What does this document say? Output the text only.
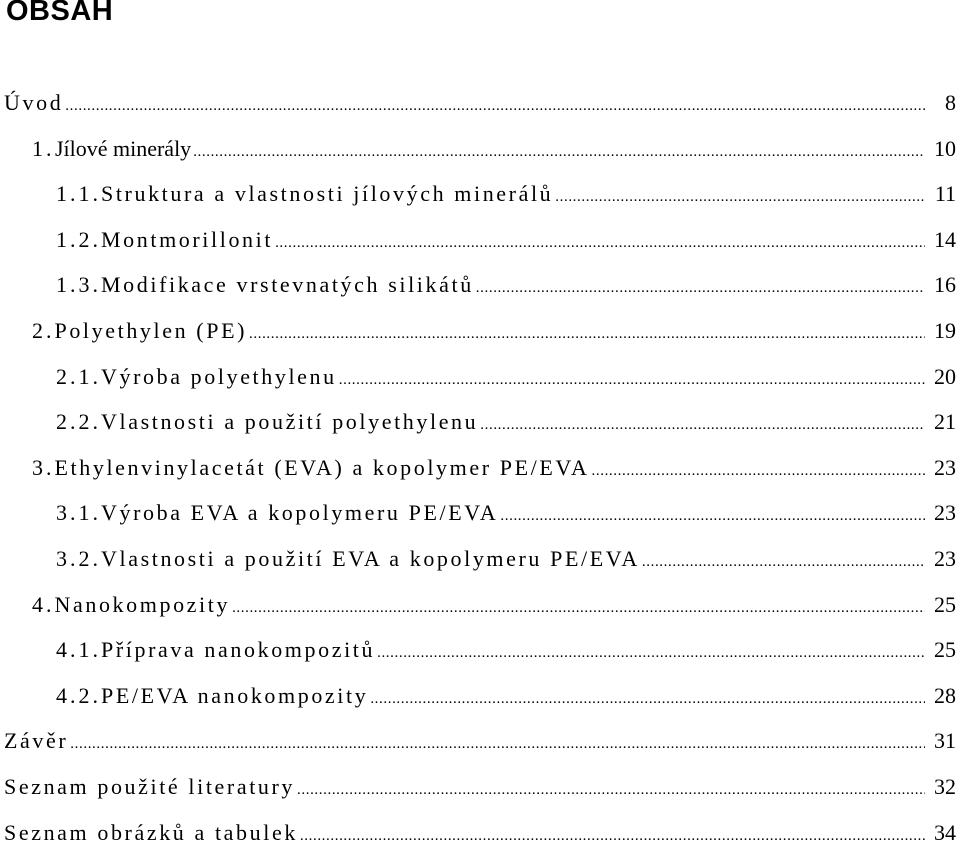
OBSAH
Úvod .....	8
1. Jílové minerály .....	10
1.1. Struktura a vlastnosti jílových minerálů .....	11
1.2. Montmorillonit .....	14
1.3. Modifikace vrstevnatých silikátů .....	16
2. Polyethylen (PE) .....	19
2.1. Výroba polyethylenu .....	20
2.2. Vlastnosti a použití polyethylenu .....	21
3. Ethylenvinylacetát (EVA) a kopolymer PE/EVA .....	23
3.1. Výroba EVA a kopolymeru PE/EVA .....	23
3.2. Vlastnosti a použití EVA a kopolymeru PE/EVA .....	23
4. Nanokompozity .....	25
4.1. Příprava nanokompozitů .....	25
4.2. PE/EVA nanokompozity .....	28
Závěr .....	31
Seznam použité literatury .....	32
Seznam obrázků a tabulek .....	34
